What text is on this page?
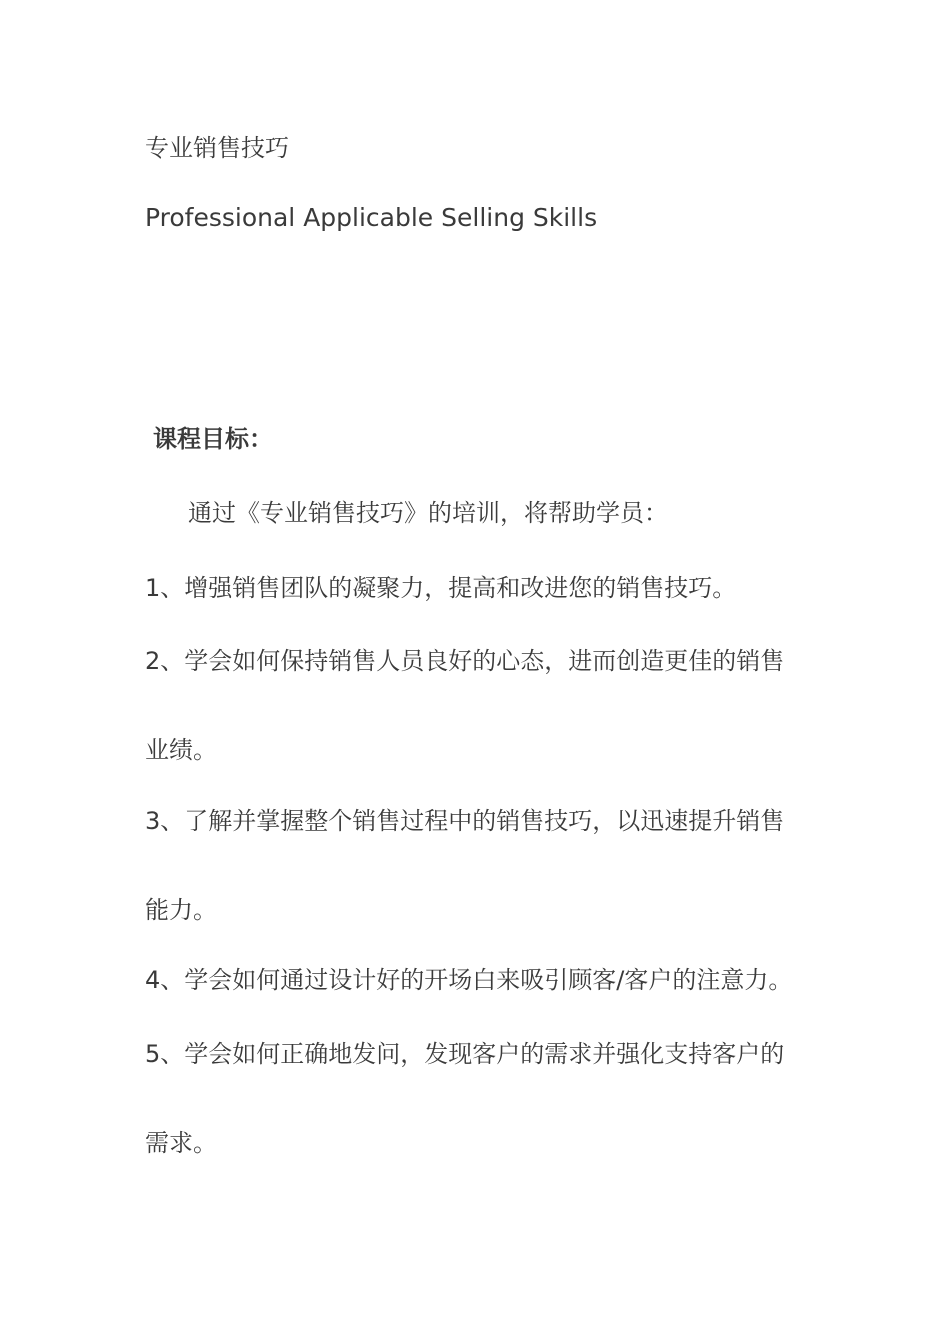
专业销售技巧
Professional Applicable Selling Skills
课程目标：
通过《专业销售技巧》的培训，将帮助学员：
1、增强销售团队的凝聚力，提高和改进您的销售技巧。
2、学会如何保持销售人员良好的心态，进而创造更佳的销售
业绩。
3、了解并掌握整个销售过程中的销售技巧，以迅速提升销售
能力。
4、学会如何通过设计好的开场白来吸引顾客/客户的注意力。
5、学会如何正确地发问，发现客户的需求并强化支持客户的
需求。
